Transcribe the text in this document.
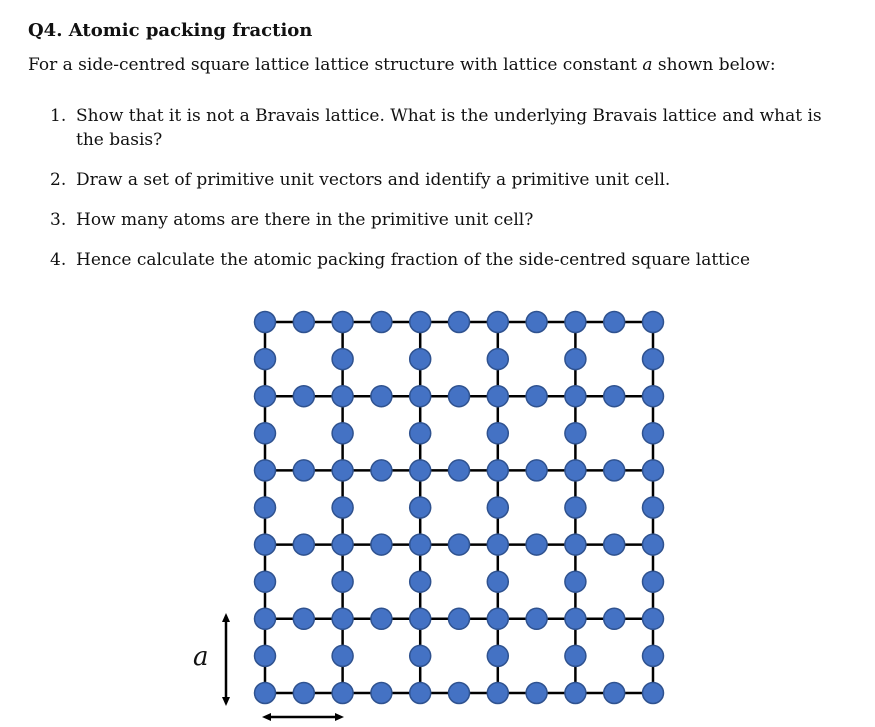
Q4. Atomic packing fraction
For a side-centred square lattice lattice structure with lattice constant a shown below:
1. Show that it is not a Bravais lattice. What is the underlying Bravais lattice and what is the basis?
2. Draw a set of primitive unit vectors and identify a primitive unit cell.
3. How many atoms are there in the primitive unit cell?
4. Hence calculate the atomic packing fraction of the side-centred square lattice
a
